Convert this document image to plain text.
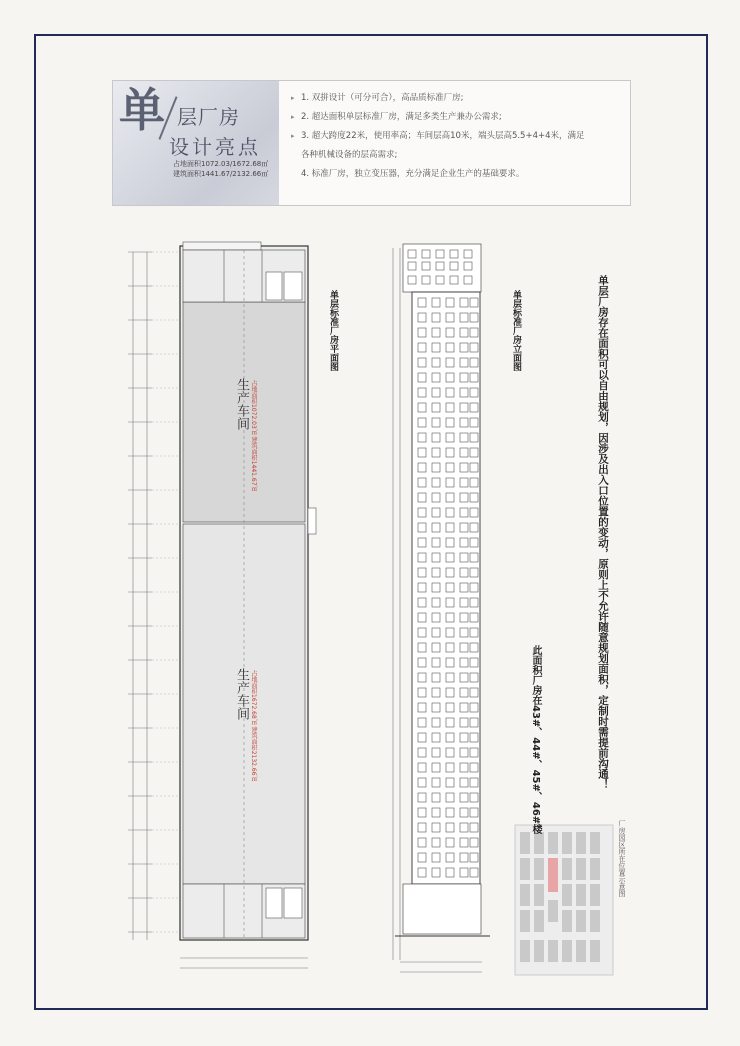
单 层厂房
设计亮点
占地面积1072.03/1672.68㎡
建筑面积1441.67/2132.66㎡
▸ 1. 双拼设计（可分可合），高品质标准厂房;
▸ 2. 超达面积单层标准厂房，满足多类生产兼办公需求;
▸ 3. 超大跨度22米，使用率高；车间层高10米，端头层高5.5+4+4米，满足
各种机械设备的层高需求;
4. 标准厂房，独立变压器，充分满足企业生产的基础要求。
生产车间 占地面积1072.03㎡ 建筑面积1441.67㎡
生产车间 占地面积1672.68㎡ 建筑面积2132.66㎡
单层标准厂房平面图	单层标准厂房立面图	单层厂房存在面积可以自由规划，因涉及出入口位置的变动，原则上不允许随意规划面积，定制时需提前沟通！
此面积厂房在43#、44#、45#、46#楼
厂房园区所在位置示意图
